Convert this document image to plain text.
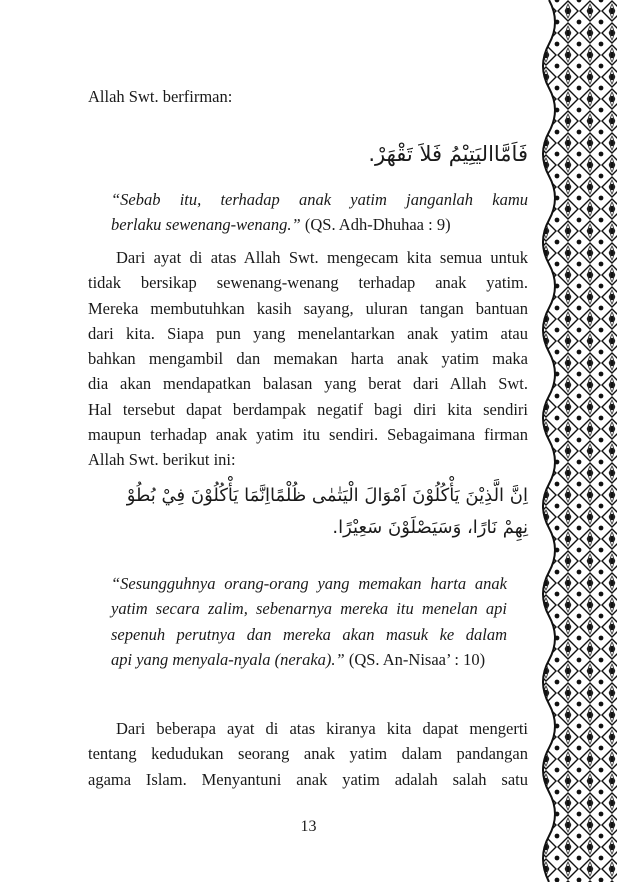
Allah Swt. berfirman:
فَاَمَّااليَتِيْمُ فَلاَ تَقْهَرْ.
“Sebab itu, terhadap anak yatim janganlah kamu
berlaku sewenang-wenang.” (QS. Adh-Dhuhaa : 9)
Dari ayat di atas Allah Swt. mengecam kita semua untuk
tidak bersikap sewenang-wenang terhadap anak yatim.
Mereka membutuhkan kasih sayang, uluran tangan bantuan
dari kita. Siapa pun yang menelantarkan anak yatim atau
bahkan mengambil dan memakan harta anak yatim maka
dia akan mendapatkan balasan yang berat dari Allah Swt.
Hal tersebut dapat berdampak negatif bagi diri kita sendiri
maupun terhadap anak yatim itu sendiri. Sebagaimana firman
Allah Swt. berikut ini:
اِنَّ الَّذِيْنَ يَأْكُلُوْنَ اَمْوَالَ الْيَتٰمٰى ظُلْمًااِنَّمَا يَأْكُلُوْنَ فِيْ بُطُوْ
نِهِمْ نَارًا، وَسَيَصْلَوْنَ سَعِيْرًا.
“Sesungguhnya orang-orang yang memakan harta anak
yatim secara zalim, sebenarnya mereka itu menelan api
sepenuh perutnya dan mereka akan masuk ke dalam
api yang menyala-nyala (neraka).” (QS. An-Nisaa’ : 10)
Dari beberapa ayat di atas kiranya kita dapat mengerti
tentang kedudukan seorang anak yatim dalam pandangan
agama Islam. Menyantuni anak yatim adalah salah satu
13
